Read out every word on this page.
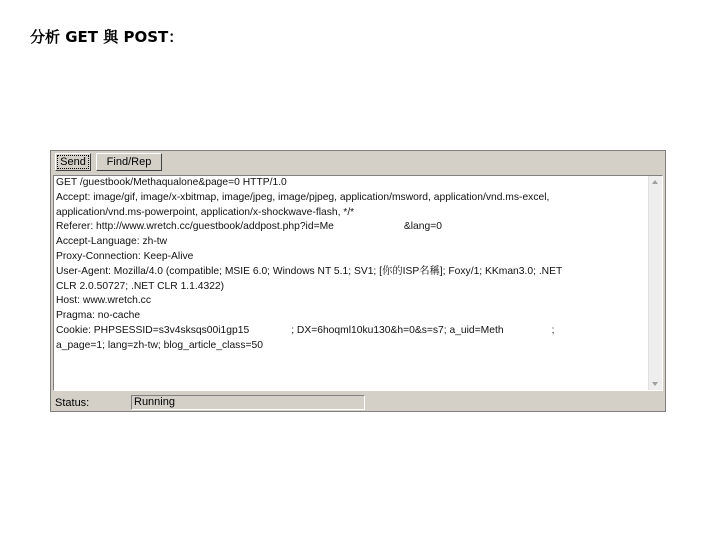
分析 GET 與 POST：
Send	Find/Rep
GET /guestbook/Methaqualone&page=0 HTTP/1.0
Accept: image/gif, image/x-xbitmap, image/jpeg, image/pjpeg, application/msword, application/vnd.ms-excel,
application/vnd.ms-powerpoint, application/x-shockwave-flash, */*
Referer: http://www.wretch.cc/guestbook/addpost.php?id=Me	&lang=0
Accept-Language: zh-tw
Proxy-Connection: Keep-Alive
User-Agent: Mozilla/4.0 (compatible; MSIE 6.0; Windows NT 5.1; SV1; [你的ISP名稱]; Foxy/1; KKman3.0; .NET
CLR 2.0.50727; .NET CLR 1.1.4322)
Host: www.wretch.cc
Pragma: no-cache
Cookie: PHPSESSID=s3v4sksqs00i1gp15	; DX=6hoqml10ku130&h=0&s=s7; a_uid=Meth	;
a_page=1; lang=zh-tw; blog_article_class=50
Status:	Running
